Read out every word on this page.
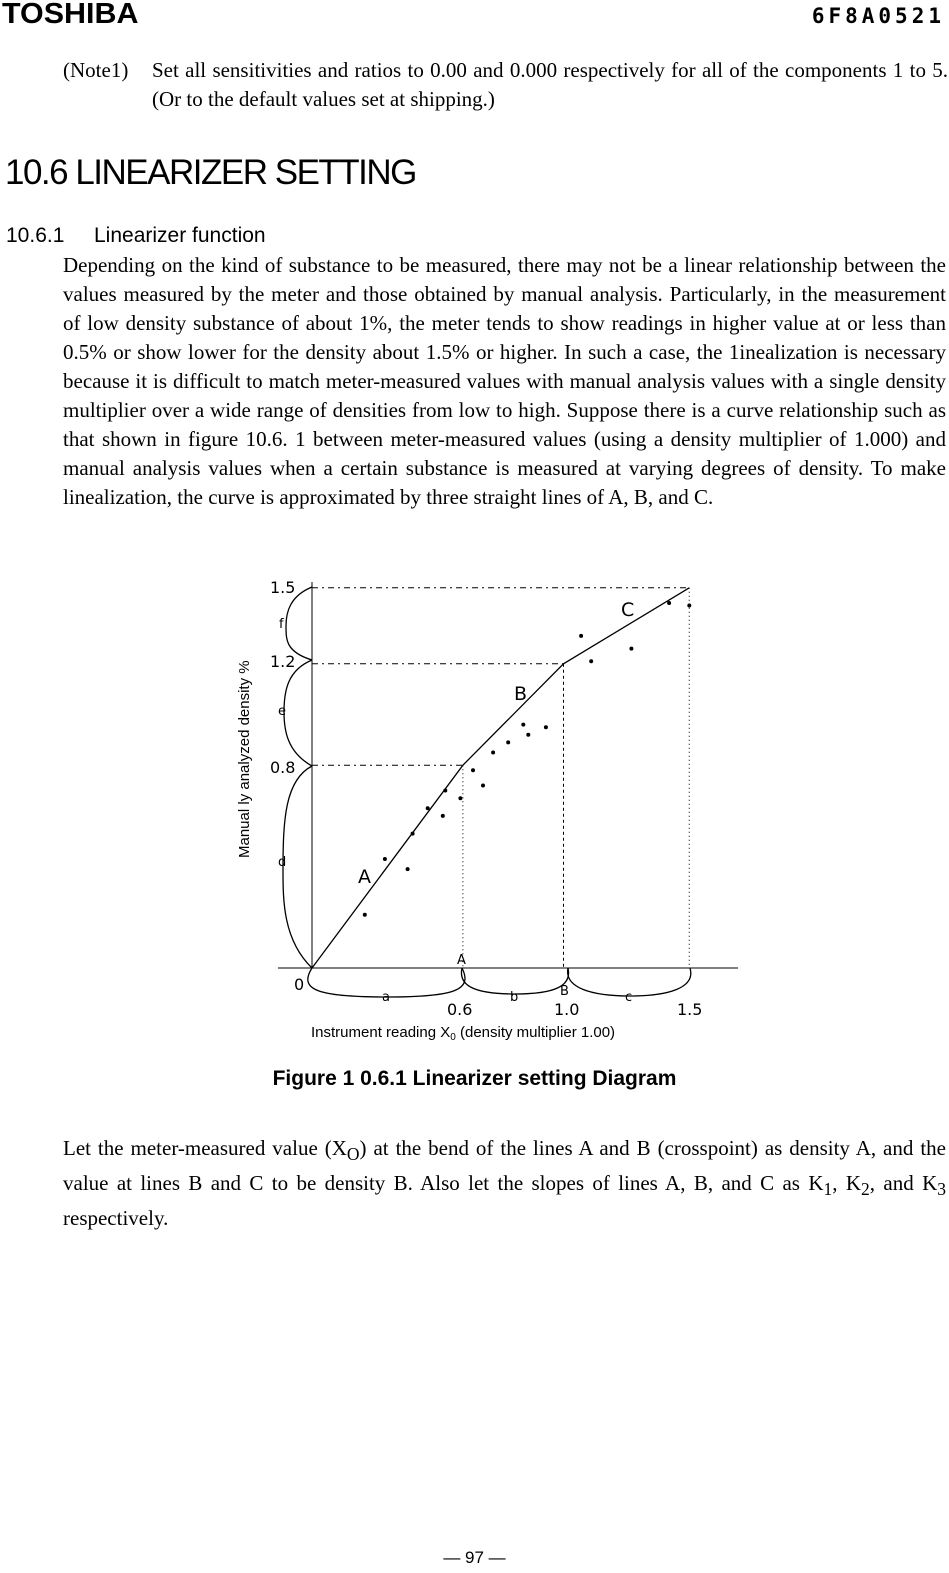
TOSHIBA	6F8A0521
(Note1) Set all sensitivities and ratios to 0.00 and 0.000 respectively for all of the components 1 to 5. (Or to the default values set at shipping.)
10.6 LINEARIZER SETTING
10.6.1 Linearizer function
Depending on the kind of substance to be measured, there may not be a linear relationship between the values measured by the meter and those obtained by manual analysis. Particularly, in the measurement of low density substance of about 1%, the meter tends to show readings in higher value at or less than 0.5% or show lower for the density about 1.5% or higher. In such a case, the 1inealization is necessary because it is difficult to match meter-measured values with manual analysis values with a single density multiplier over a wide range of densities from low to high. Suppose there is a curve relationship such as that shown in figure 10.6. 1 between meter-measured values (using a density multiplier of 1.000) and manual analysis values when a certain substance is measured at varying degrees of density. To make linealization, the curve is approximated by three straight lines of A, B, and C.
0
0.8
1.2
1.5
0.6	1.0	1.5
A
B
C
A
B
a	b	c
d
e
f
Manual ly analyzed density %
Instrument reading $X_0$ (density multiplier 1.00)
Figure 1 0.6.1 Linearizer setting Diagram
Let the meter-measured value $(X_O)$ at the bend of the lines A and B (crosspoint) as density A, and the value at lines B and C to be density B. Also let the slopes of lines A, B, and C as $K_1$, $K_2$, and $K_3$ respectively.
— 97 —
